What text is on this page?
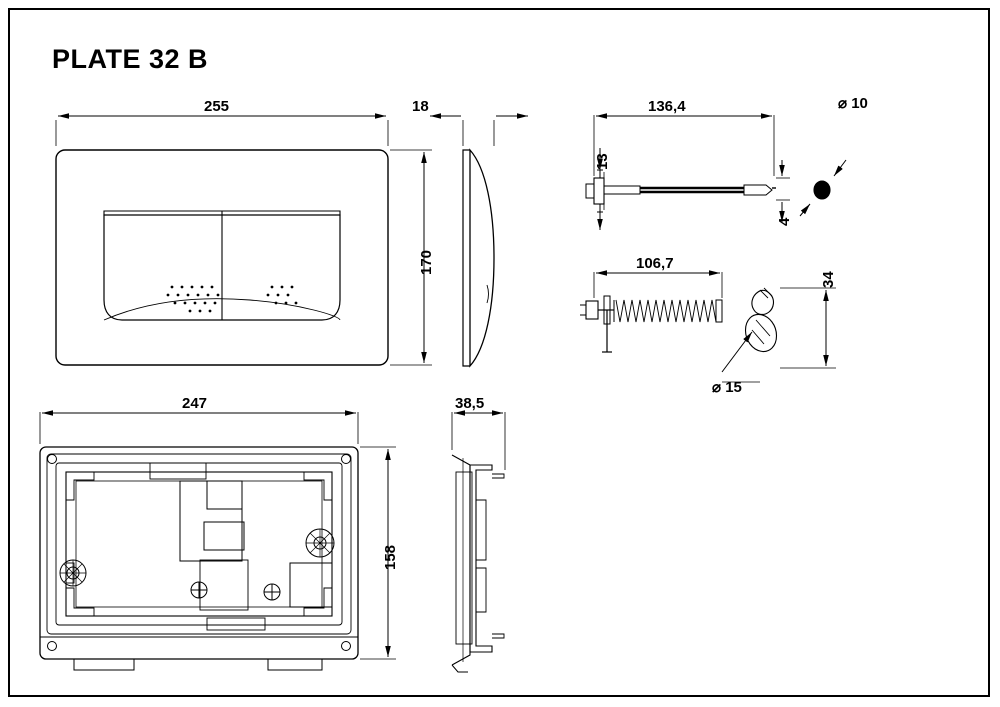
PLATE 32 B
255
170
18	136,4
13
4
⌀ 10
106,7
34
⌀ 15
247
158
38,5
